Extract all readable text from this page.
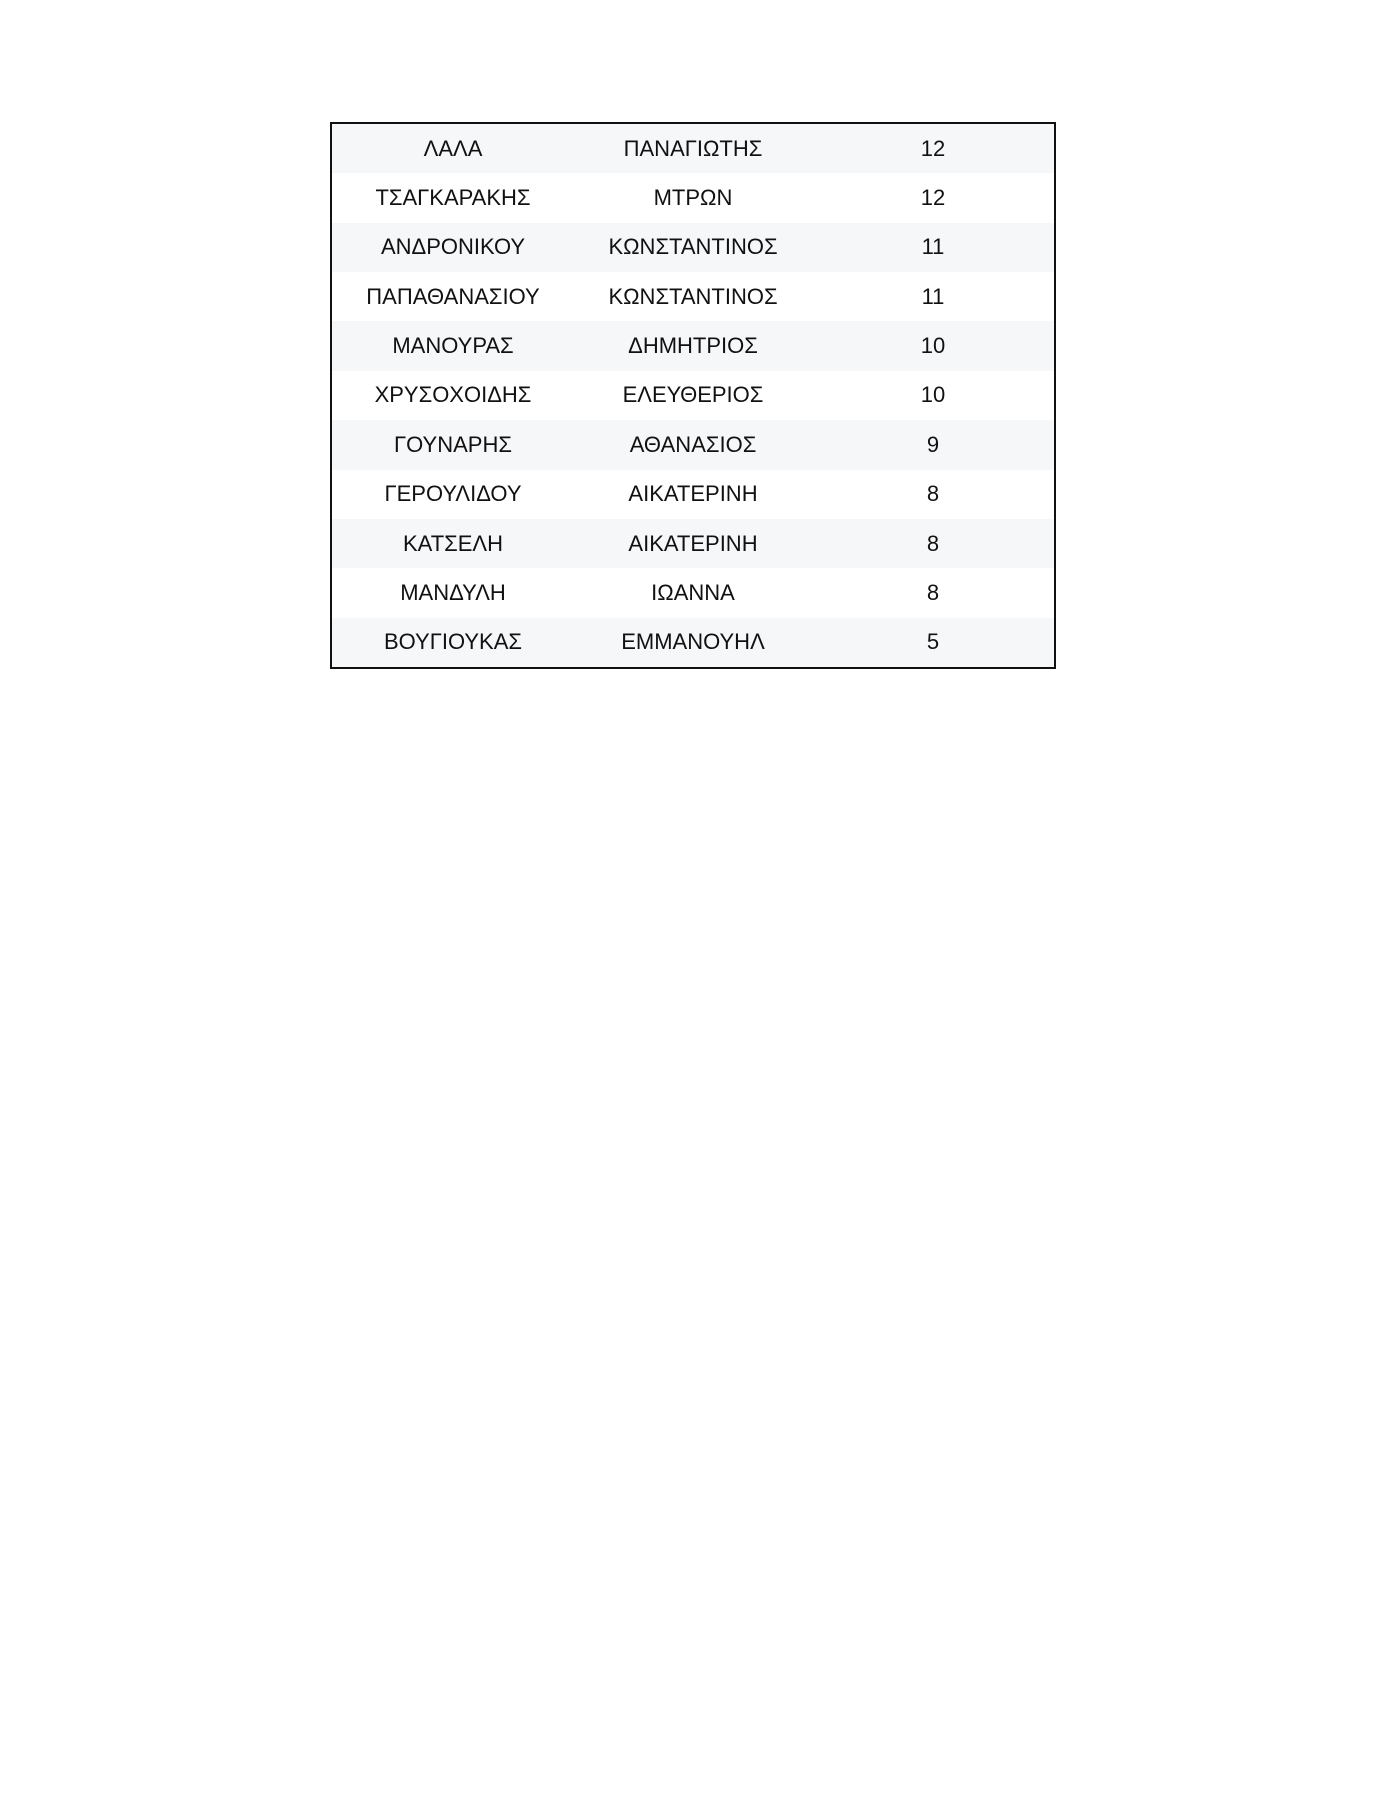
ΛΑΛΑ	ΠΑΝΑΓΙΩΤΗΣ	12
ΤΣΑΓΚΑΡΑΚΗΣ	ΜΤΡΩΝ	12
ΑΝΔΡΟΝΙΚΟΥ	ΚΩΝΣΤΑΝΤΙΝΟΣ	11
ΠΑΠΑΘΑΝΑΣΙΟΥ	ΚΩΝΣΤΑΝΤΙΝΟΣ	11
ΜΑΝΟΥΡΑΣ	ΔΗΜΗΤΡΙΟΣ	10
ΧΡΥΣΟΧΟΙΔΗΣ	ΕΛΕΥΘΕΡΙΟΣ	10
ΓΟΥΝΑΡΗΣ	ΑΘΑΝΑΣΙΟΣ	9
ΓΕΡΟΥΛΙΔΟΥ	ΑΙΚΑΤΕΡΙΝΗ	8
ΚΑΤΣΕΛΗ	ΑΙΚΑΤΕΡΙΝΗ	8
ΜΑΝΔΥΛΗ	ΙΩΑΝΝΑ	8
ΒΟΥΓΙΟΥΚΑΣ	ΕΜΜΑΝΟΥΗΛ	5
